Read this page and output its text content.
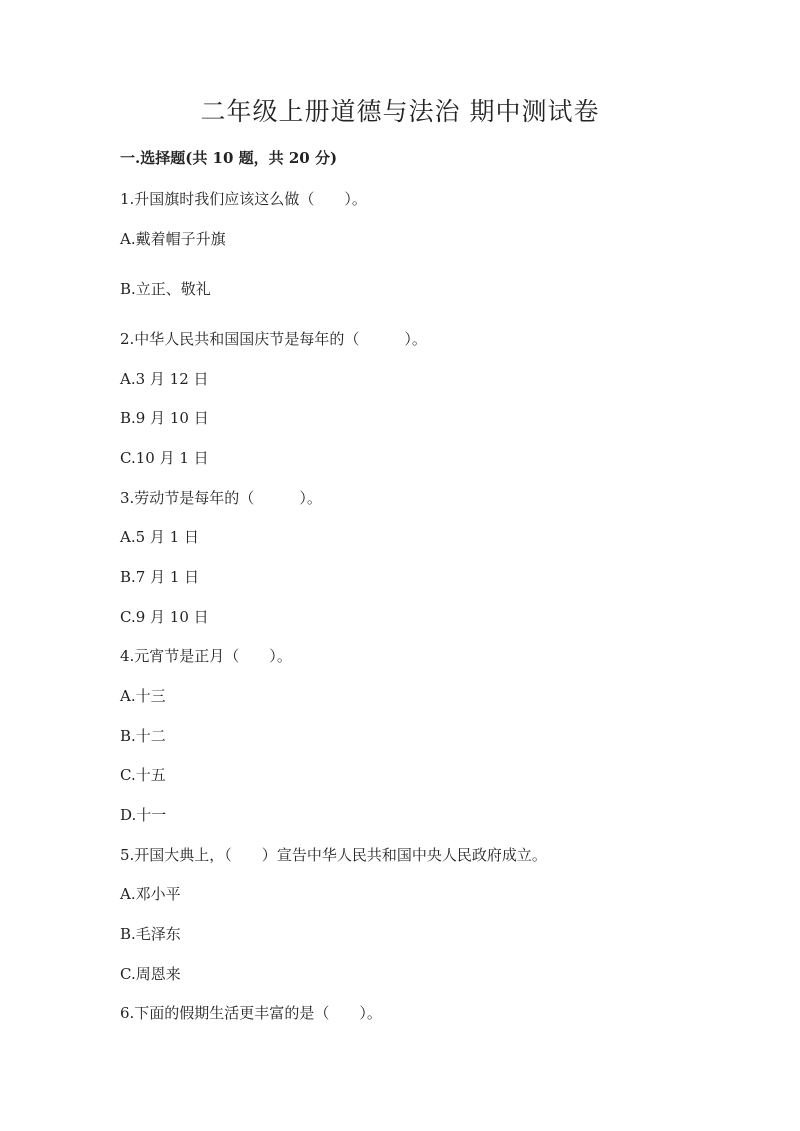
二年级上册道德与法治 期中测试卷
一.选择题(共 10 题，共 20 分)
1.升国旗时我们应该这么做（　　）。
A.戴着帽子升旗
B.立正、敬礼
2.中华人民共和国国庆节是每年的（　　　）。
A.3 月 12 日
B.9 月 10 日
C.10 月 1 日
3.劳动节是每年的（　　　）。
A.5 月 1 日
B.7 月 1 日
C.9 月 10 日
4.元宵节是正月（　　）。
A.十三
B.十二
C.十五
D.十一
5.开国大典上，（　　）宣告中华人民共和国中央人民政府成立。
A.邓小平
B.毛泽东
C.周恩来
6.下面的假期生活更丰富的是（　　）。
